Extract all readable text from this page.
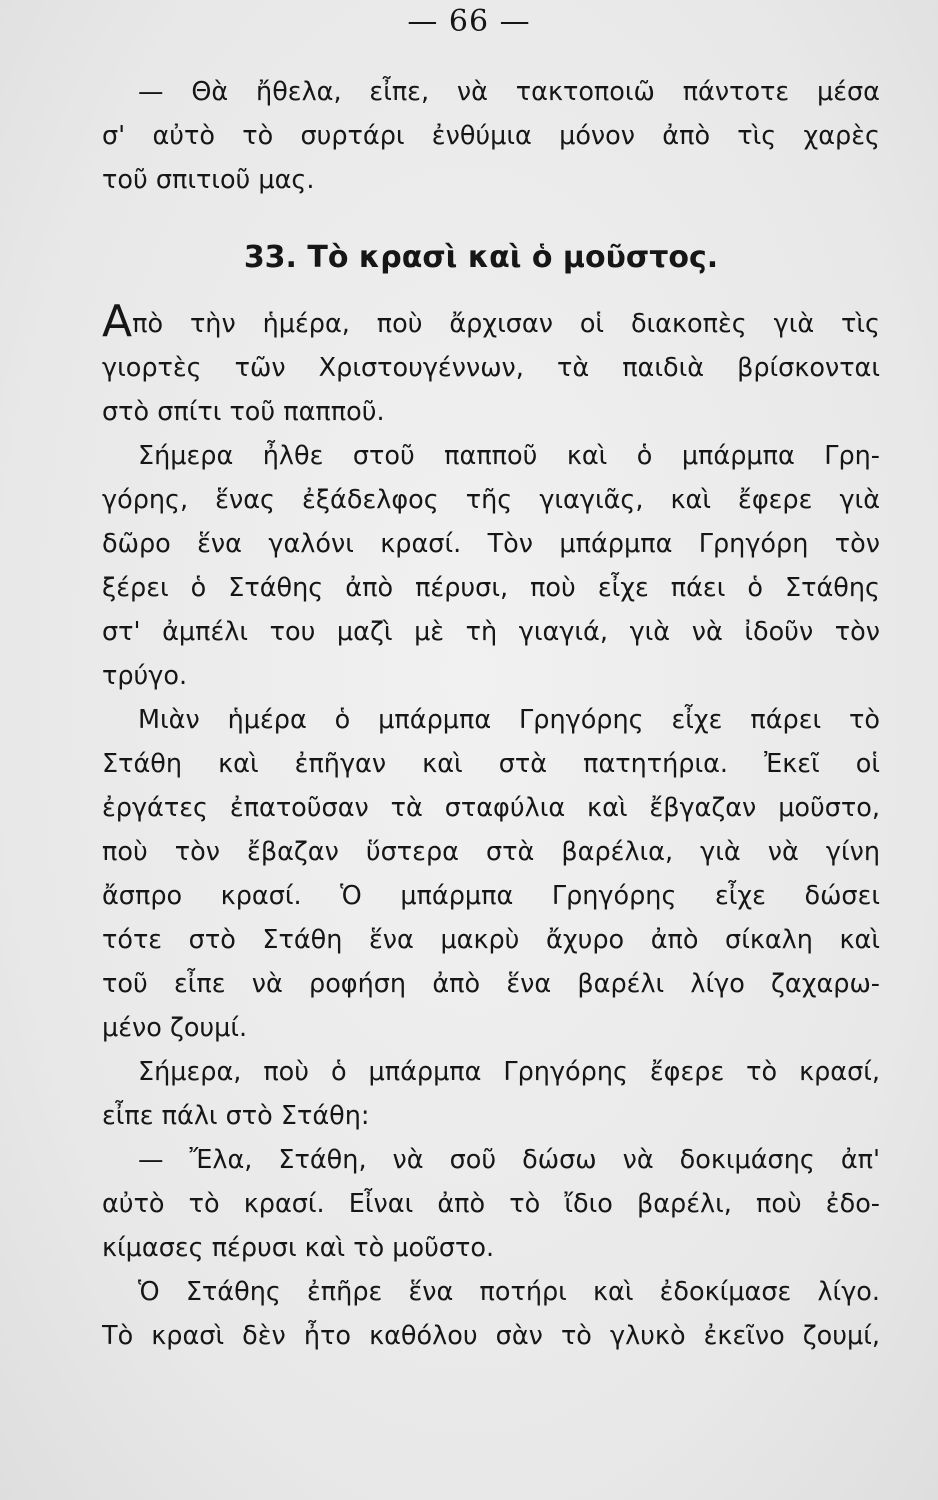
— 66 —
— Θὰ ἤθελα, εἶπε, νὰ τακτοποιῶ πάντοτε μέσα
σ' αὐτὸ τὸ συρτάρι ἐνθύμια μόνον ἀπὸ τὶς χαρὲς
τοῦ σπιτιοῦ μας.
33. Τὸ κρασὶ καὶ ὁ μοῦστος.
Απὸ τὴν ἡμέρα, ποὺ ἄρχισαν οἱ διακοπὲς γιὰ τὶς
γιορτὲς τῶν Χριστουγέννων, τὰ παιδιὰ βρίσκονται
στὸ σπίτι τοῦ παπποῦ.
Σήμερα ἦλθε στοῦ παπποῦ καὶ ὁ μπάρμπα Γρη-
γόρης, ἕνας ἐξάδελφος τῆς γιαγιᾶς, καὶ ἔφερε γιὰ
δῶρο ἕνα γαλόνι κρασί. Τὸν μπάρμπα Γρηγόρη τὸν
ξέρει ὁ Στάθης ἀπὸ πέρυσι, ποὺ εἶχε πάει ὁ Στάθης
στ' ἀμπέλι του μαζὶ μὲ τὴ γιαγιά, γιὰ νὰ ἰδοῦν τὸν
τρύγο.
Μιὰν ἡμέρα ὁ μπάρμπα Γρηγόρης εἶχε πάρει τὸ
Στάθη καὶ ἐπῆγαν καὶ στὰ πατητήρια. Ἐκεῖ οἱ
ἐργάτες ἐπατοῦσαν τὰ σταφύλια καὶ ἔβγαζαν μοῦστο,
ποὺ τὸν ἔβαζαν ὕστερα στὰ βαρέλια, γιὰ νὰ γίνη
ἄσπρο κρασί. Ὁ μπάρμπα Γρηγόρης εἶχε δώσει
τότε στὸ Στάθη ἕνα μακρὺ ἄχυρο ἀπὸ σίκαλη καὶ
τοῦ εἶπε νὰ ροφήση ἀπὸ ἕνα βαρέλι λίγο ζαχαρω-
μένο ζουμί.
Σήμερα, ποὺ ὁ μπάρμπα Γρηγόρης ἔφερε τὸ κρασί,
εἶπε πάλι στὸ Στάθη:
— Ἔλα, Στάθη, νὰ σοῦ δώσω νὰ δοκιμάσης ἀπ'
αὐτὸ τὸ κρασί. Εἶναι ἀπὸ τὸ ἴδιο βαρέλι, ποὺ ἐδο-
κίμασες πέρυσι καὶ τὸ μοῦστο.
Ὁ Στάθης ἐπῆρε ἕνα ποτήρι καὶ ἐδοκίμασε λίγο.
Τὸ κρασὶ δὲν ἦτο καθόλου σὰν τὸ γλυκὸ ἐκεῖνο ζουμί,
